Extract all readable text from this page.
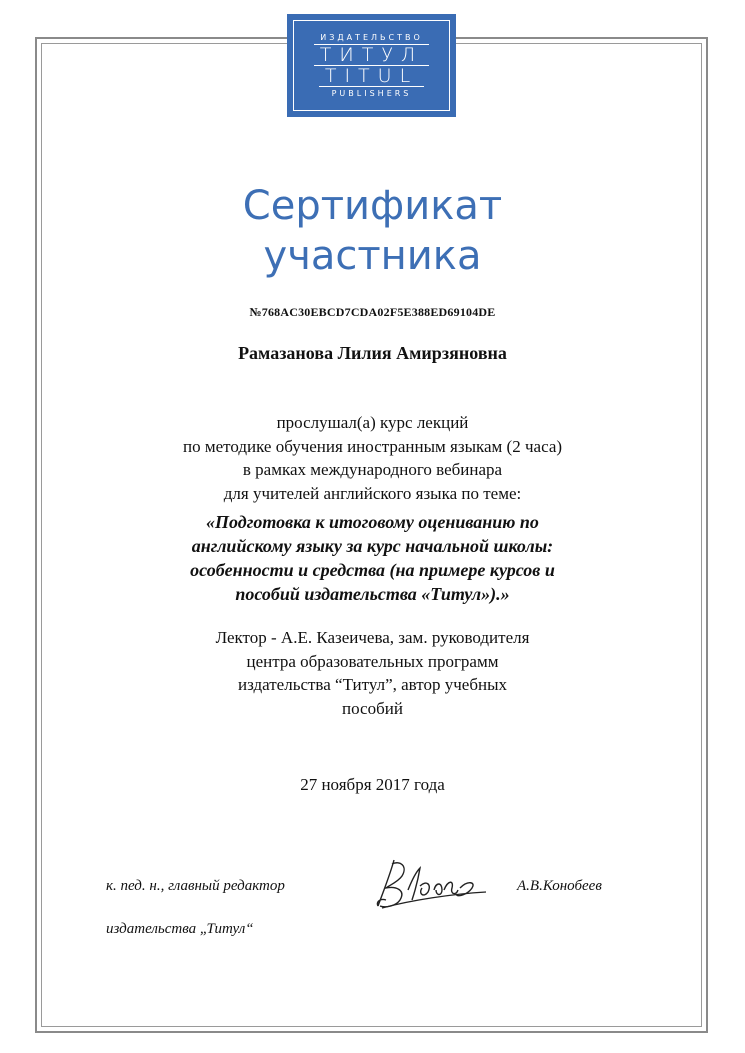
ИЗДАТЕЛЬСТВО
ТИТУЛ
TITUL
PUBLISHERS
Сертификат
участника
№768AC30EBCD7CDA02F5E388ED69104DE
Рамазанова Лилия Амирзяновна
прослушал(а) курс лекций
по методике обучения иностранным языкам (2 часа)
в рамках международного вебинара
для учителей английского языка по теме:
«Подготовка к итоговому оцениванию по
английскому языку за курс начальной школы:
особенности и средства (на примере курсов и
пособий издательства «Титул»).»
Лектор - А.Е. Казеичева, зам. руководителя
центра образовательных программ
издательства “Титул”, автор учебных
пособий
27 ноября 2017 года
к. пед. н., главный редактор
издательства „Титул“
А.В.Конобеев
